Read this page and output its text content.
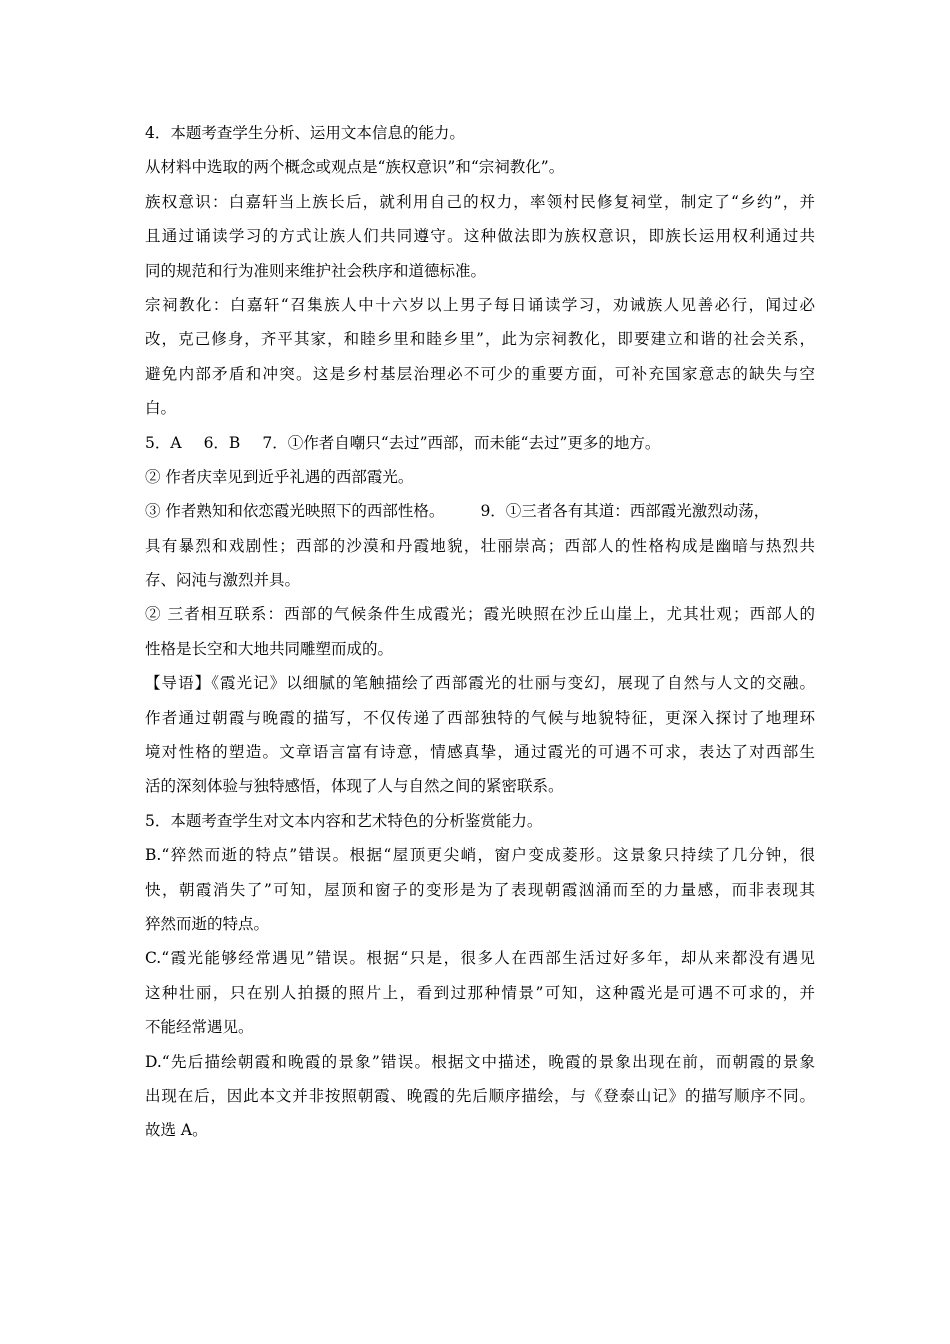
4．本题考查学生分析、运用文本信息的能力。
从材料中选取的两个概念或观点是“族权意识”和“宗祠教化”。
族权意识：白嘉轩当上族长后，就利用自己的权力，率领村民修复祠堂，制定了“乡约”，并
且通过诵读学习的方式让族人们共同遵守。这种做法即为族权意识，即族长运用权利通过共
同的规范和行为准则来维护社会秩序和道德标准。
宗祠教化：白嘉轩“召集族人中十六岁以上男子每日诵读学习，劝诫族人见善必行，闻过必
改，克己修身，齐平其家，和睦乡里和睦乡里”，此为宗祠教化，即要建立和谐的社会关系，
避免内部矛盾和冲突。这是乡村基层治理必不可少的重要方面，可补充国家意志的缺失与空
白。
5．A 6．B 7．①作者自嘲只“去过”西部，而未能“去过”更多的地方。
② 作者庆幸见到近乎礼遇的西部霞光。
③ 作者熟知和依恋霞光映照下的西部性格。 9．①三者各有其道：西部霞光激烈动荡，
具有暴烈和戏剧性；西部的沙漠和丹霞地貌，壮丽崇高；西部人的性格构成是幽暗与热烈共
存、闷沌与激烈并具。
② 三者相互联系：西部的气候条件生成霞光；霞光映照在沙丘山崖上，尤其壮观；西部人的
性格是长空和大地共同雕塑而成的。
【导语】《霞光记》以细腻的笔触描绘了西部霞光的壮丽与变幻，展现了自然与人文的交融。
作者通过朝霞与晚霞的描写，不仅传递了西部独特的气候与地貌特征，更深入探讨了地理环
境对性格的塑造。文章语言富有诗意，情感真挚，通过霞光的可遇不可求，表达了对西部生
活的深刻体验与独特感悟，体现了人与自然之间的紧密联系。
5．本题考查学生对文本内容和艺术特色的分析鉴赏能力。
B.“猝然而逝的特点”错误。根据“屋顶更尖峭，窗户变成菱形。这景象只持续了几分钟，很
快，朝霞消失了”可知，屋顶和窗子的变形是为了表现朝霞汹涌而至的力量感，而非表现其
猝然而逝的特点。
C.“霞光能够经常遇见”错误。根据“只是，很多人在西部生活过好多年，却从来都没有遇见
这种壮丽，只在别人拍摄的照片上，看到过那种情景”可知，这种霞光是可遇不可求的，并
不能经常遇见。
D.“先后描绘朝霞和晚霞的景象”错误。根据文中描述，晚霞的景象出现在前，而朝霞的景象
出现在后，因此本文并非按照朝霞、晚霞的先后顺序描绘，与《登泰山记》的描写顺序不同。
故选 A。
